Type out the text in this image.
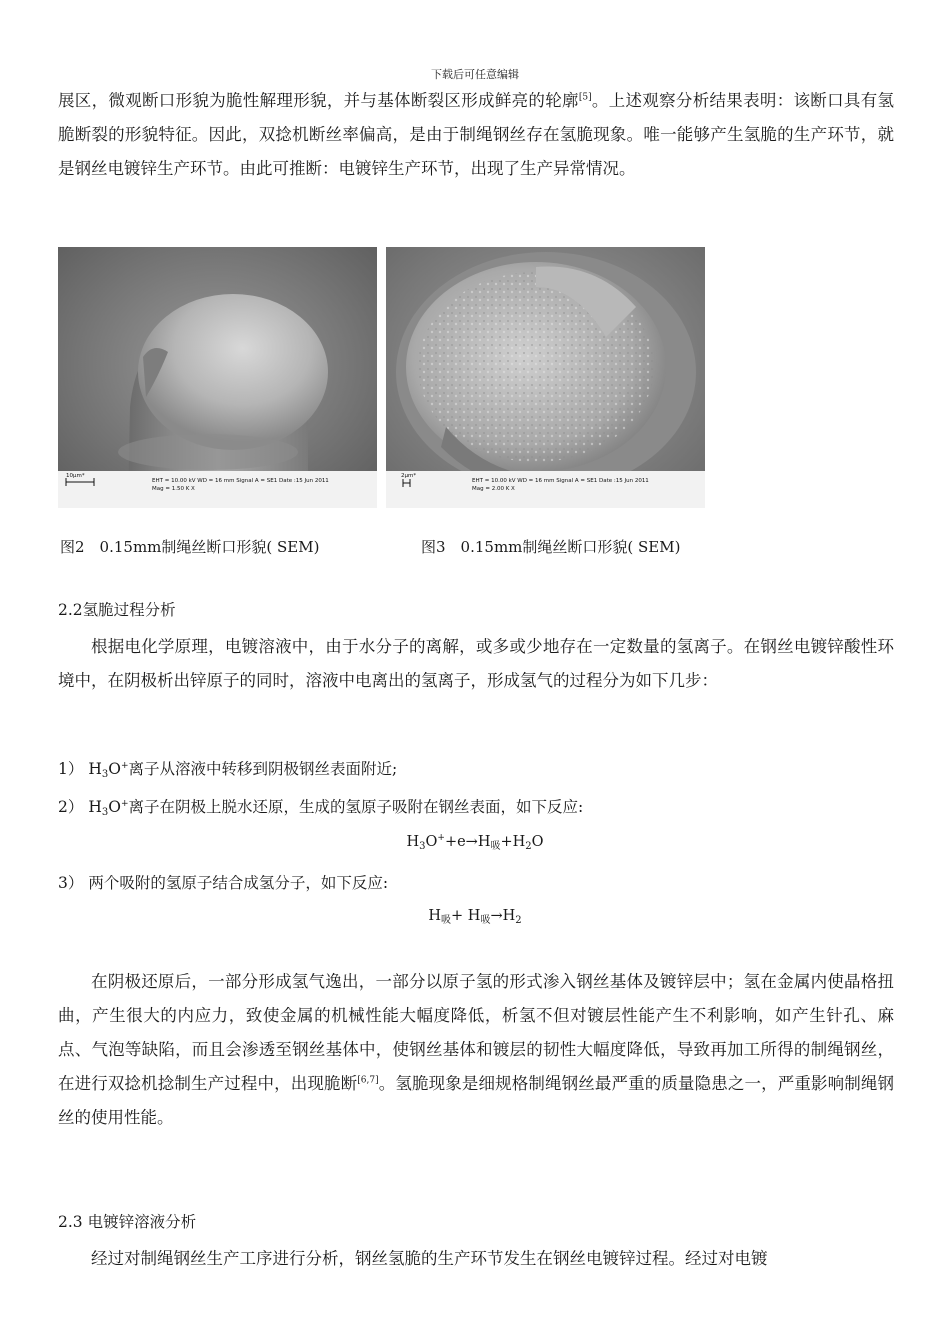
下载后可任意编辑
展区，微观断口形貌为脆性解理形貌，并与基体断裂区形成鲜亮的轮廓[5]。上述观察分析结果表明：该断口具有氢脆断裂的形貌特征。因此，双捻机断丝率偏高，是由于制绳钢丝存在氢脆现象。唯一能够产生氢脆的生产环节，就是钢丝电镀锌生产环节。由此可推断：电镀锌生产环节，出现了生产异常情况。
10μm*
EHT = 10.00 kV WD = 16 mm Signal A = SE1 Date :15 Jun 2011
Mag = 1.50 K X
2μm*
EHT = 10.00 kV WD = 16 mm Signal A = SE1 Date :15 Jun 2011
Mag = 2.00 K X
图2　0.15mm制绳丝断口形貌( SEM)	图3　0.15mm制绳丝断口形貌( SEM)
2.2氢脆过程分析
根据电化学原理，电镀溶液中，由于水分子的离解，或多或少地存在一定数量的氢离子。在钢丝电镀锌酸性环境中，在阴极析出锌原子的同时，溶液中电离出的氢离子，形成氢气的过程分为如下几步：
1） $H_3O^+$离子从溶液中转移到阴极钢丝表面附近;
2） $H_3O^+$离子在阴极上脱水还原，生成的氢原子吸附在钢丝表面，如下反应:
$H_3O^++e\to H_吸+H_2O$
3） 两个吸附的氢原子结合成氢分子，如下反应:
$H_吸+ H_吸\to H_2$
在阴极还原后，一部分形成氢气逸出，一部分以原子氢的形式渗入钢丝基体及镀锌层中；氢在金属内使晶格扭曲，产生很大的内应力，致使金属的机械性能大幅度降低，析氢不但对镀层性能产生不利影响，如产生针孔、麻点、气泡等缺陷，而且会渗透至钢丝基体中，使钢丝基体和镀层的韧性大幅度降低，导致再加工所得的制绳钢丝，在进行双捻机捻制生产过程中，出现脆断[6,7]。氢脆现象是细规格制绳钢丝最严重的质量隐患之一，严重影响制绳钢丝的使用性能。
2.3 电镀锌溶液分析
经过对制绳钢丝生产工序进行分析，钢丝氢脆的生产环节发生在钢丝电镀锌过程。经过对电镀
